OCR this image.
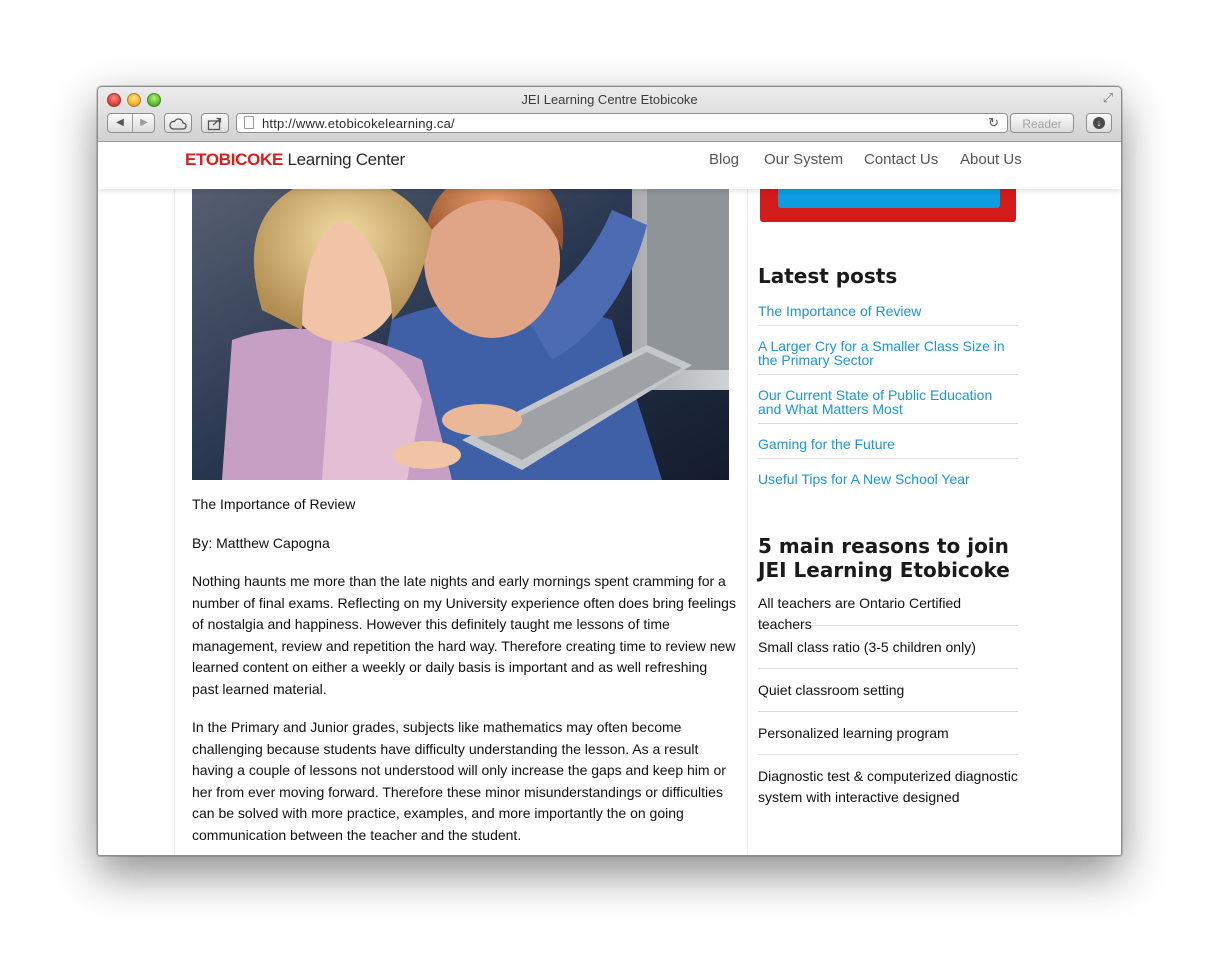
JEI Learning Centre Etobicoke	⤢
◀	▶	http://www.etobicokelearning.ca/	↻	Reader	↓
ETOBICOKE Learning Center	Blog Our System Contact Us About Us

The Importance of Review

By: Matthew Capogna

Nothing haunts me more than the late nights and early mornings spent cramming for a number of final exams. Reflecting on my University experience often does bring feelings of nostalgia and happiness. However this definitely taught me lessons of time management, review and repetition the hard way. Therefore creating time to review new learned content on either a weekly or daily basis is important and as well refreshing past learned material.

In the Primary and Junior grades, subjects like mathematics may often become challenging because students have difficulty understanding the lesson. As a result having a couple of lessons not understood will only increase the gaps and keep him or her from ever moving forward. Therefore these minor misunderstandings or difficulties can be solved with more practice, examples, and more importantly the on going communication between the teacher and the student.

Latest posts
The Importance of Review
A Larger Cry for a Smaller Class Size in the Primary Sector
Our Current State of Public Education and What Matters Most
Gaming for the Future
Useful Tips for A New School Year
5 main reasons to join JEI Learning Etobicoke
All teachers are Ontario Certified teachers
Small class ratio (3-5 children only)
Quiet classroom setting
Personalized learning program
Diagnostic test & computerized diagnostic system with interactive designed
